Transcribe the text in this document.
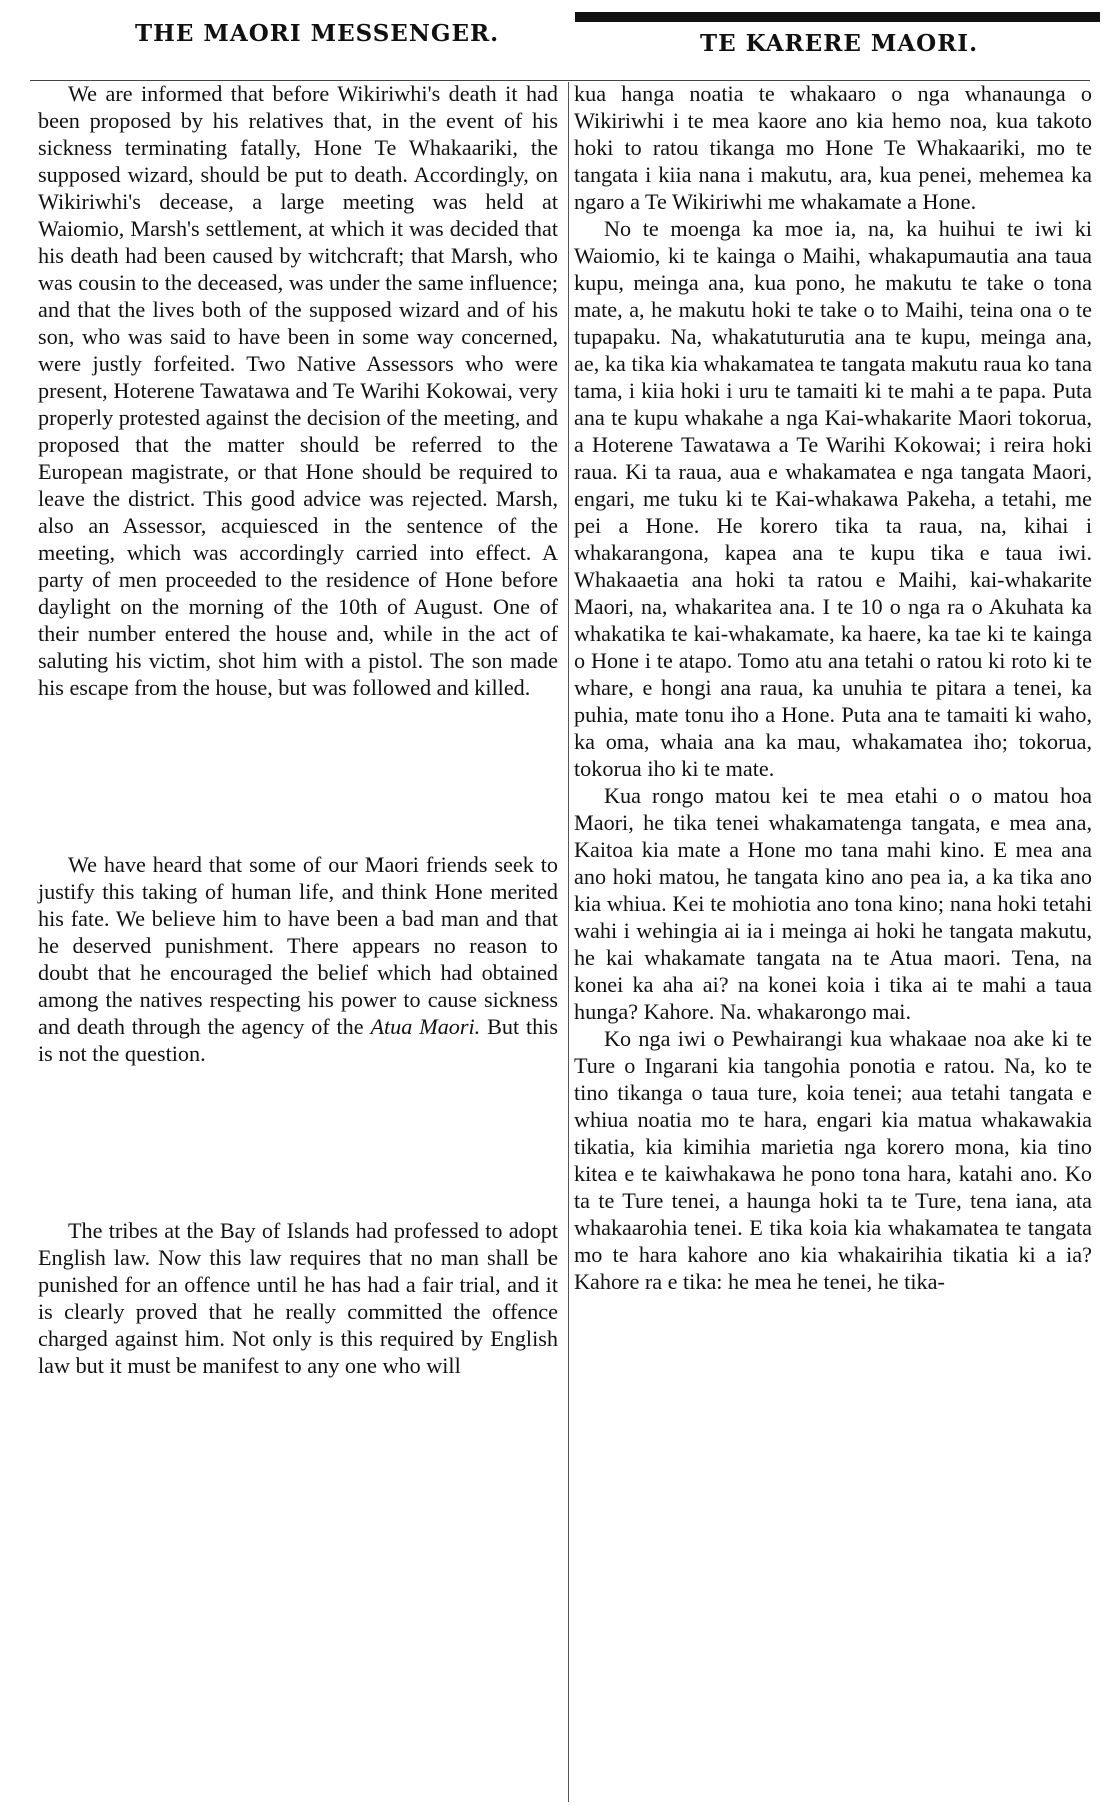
THE MAORI MESSENGER.	TE KARERE MAORI.

We are informed that before Wikiriwhi's death it had been proposed by his relatives that, in the event of his sickness terminating fatally, Hone Te Whakaariki, the supposed wizard, should be put to death. Accordingly, on Wikiriwhi's decease, a large meeting was held at Waiomio, Marsh's settlement, at which it was decided that his death had been caused by witchcraft; that Marsh, who was cousin to the deceased, was under the same influence; and that the lives both of the supposed wizard and of his son, who was said to have been in some way concerned, were justly forfeited. Two Native Assessors who were present, Hoterene Tawatawa and Te Warihi Kokowai, very properly protested against the decision of the meeting, and proposed that the matter should be referred to the European magistrate, or that Hone should be required to leave the district. This good advice was rejected. Marsh, also an Assessor, acquiesced in the sentence of the meeting, which was accordingly carried into effect. A party of men proceeded to the residence of Hone before daylight on the morning of the 10th of August. One of their number entered the house and, while in the act of saluting his victim, shot him with a pistol. The son made his escape from the house, but was followed and killed.

We have heard that some of our Maori friends seek to justify this taking of human life, and think Hone merited his fate. We believe him to have been a bad man and that he deserved punishment. There appears no reason to doubt that he encouraged the belief which had obtained among the natives respecting his power to cause sickness and death through the agency of the Atua Maori. But this is not the question.

The tribes at the Bay of Islands had professed to adopt English law. Now this law requires that no man shall be punished for an offence until he has had a fair trial, and it is clearly proved that he really committed the offence charged against him. Not only is this required by English law but it must be manifest to any one who will

kua hanga noatia te whakaaro o nga whanaunga o Wikiriwhi i te mea kaore ano kia hemo noa, kua takoto hoki to ratou tikanga mo Hone Te Whakaariki, mo te tangata i kiia nana i makutu, ara, kua penei, mehemea ka ngaro a Te Wikiriwhi me whakamate a Hone.

No te moenga ka moe ia, na, ka huihui te iwi ki Waiomio, ki te kainga o Maihi, whakapumautia ana taua kupu, meinga ana, kua pono, he makutu te take o tona mate, a, he makutu hoki te take o to Maihi, teina ona o te tupapaku. Na, whakatuturutia ana te kupu, meinga ana, ae, ka tika kia whakamatea te tangata makutu raua ko tana tama, i kiia hoki i uru te tamaiti ki te mahi a te papa. Puta ana te kupu whakahe a nga Kai-whakarite Maori tokorua, a Hoterene Tawatawa a Te Warihi Kokowai; i reira hoki raua. Ki ta raua, aua e whakamatea e nga tangata Maori, engari, me tuku ki te Kai-whakawa Pakeha, a tetahi, me pei a Hone. He korero tika ta raua, na, kihai i whakarangona, kapea ana te kupu tika e taua iwi. Whakaaetia ana hoki ta ratou e Maihi, kai-whakarite Maori, na, whakaritea ana. I te 10 o nga ra o Akuhata ka whakatika te kai-whakamate, ka haere, ka tae ki te kainga o Hone i te atapo. Tomo atu ana tetahi o ratou ki roto ki te whare, e hongi ana raua, ka unuhia te pitara a tenei, ka puhia, mate tonu iho a Hone. Puta ana te tamaiti ki waho, ka oma, whaia ana ka mau, whakamatea iho; tokorua, tokorua iho ki te mate.

Kua rongo matou kei te mea etahi o o matou hoa Maori, he tika tenei whakamatenga tangata, e mea ana, Kaitoa kia mate a Hone mo tana mahi kino. E mea ana ano hoki matou, he tangata kino ano pea ia, a ka tika ano kia whiua. Kei te mohiotia ano tona kino; nana hoki tetahi wahi i wehingia ai ia i meinga ai hoki he tangata makutu, he kai whakamate tangata na te Atua maori. Tena, na konei ka aha ai? na konei koia i tika ai te mahi a taua hunga? Kahore. Na. whakarongo mai.

Ko nga iwi o Pewhairangi kua whakaae noa ake ki te Ture o Ingarani kia tangohia ponotia e ratou. Na, ko te tino tikanga o taua ture, koia tenei; aua tetahi tangata e whiua noatia mo te hara, engari kia matua whakawakia tikatia, kia kimihia marietia nga korero mona, kia tino kitea e te kaiwhakawa he pono tona hara, katahi ano. Ko ta te Ture tenei, a haunga hoki ta te Ture, tena iana, ata whakaarohia tenei. E tika koia kia whakamatea te tangata mo te hara kahore ano kia whakairihia tikatia ki a ia? Kahore ra e tika: he mea he tenei, he tika-
